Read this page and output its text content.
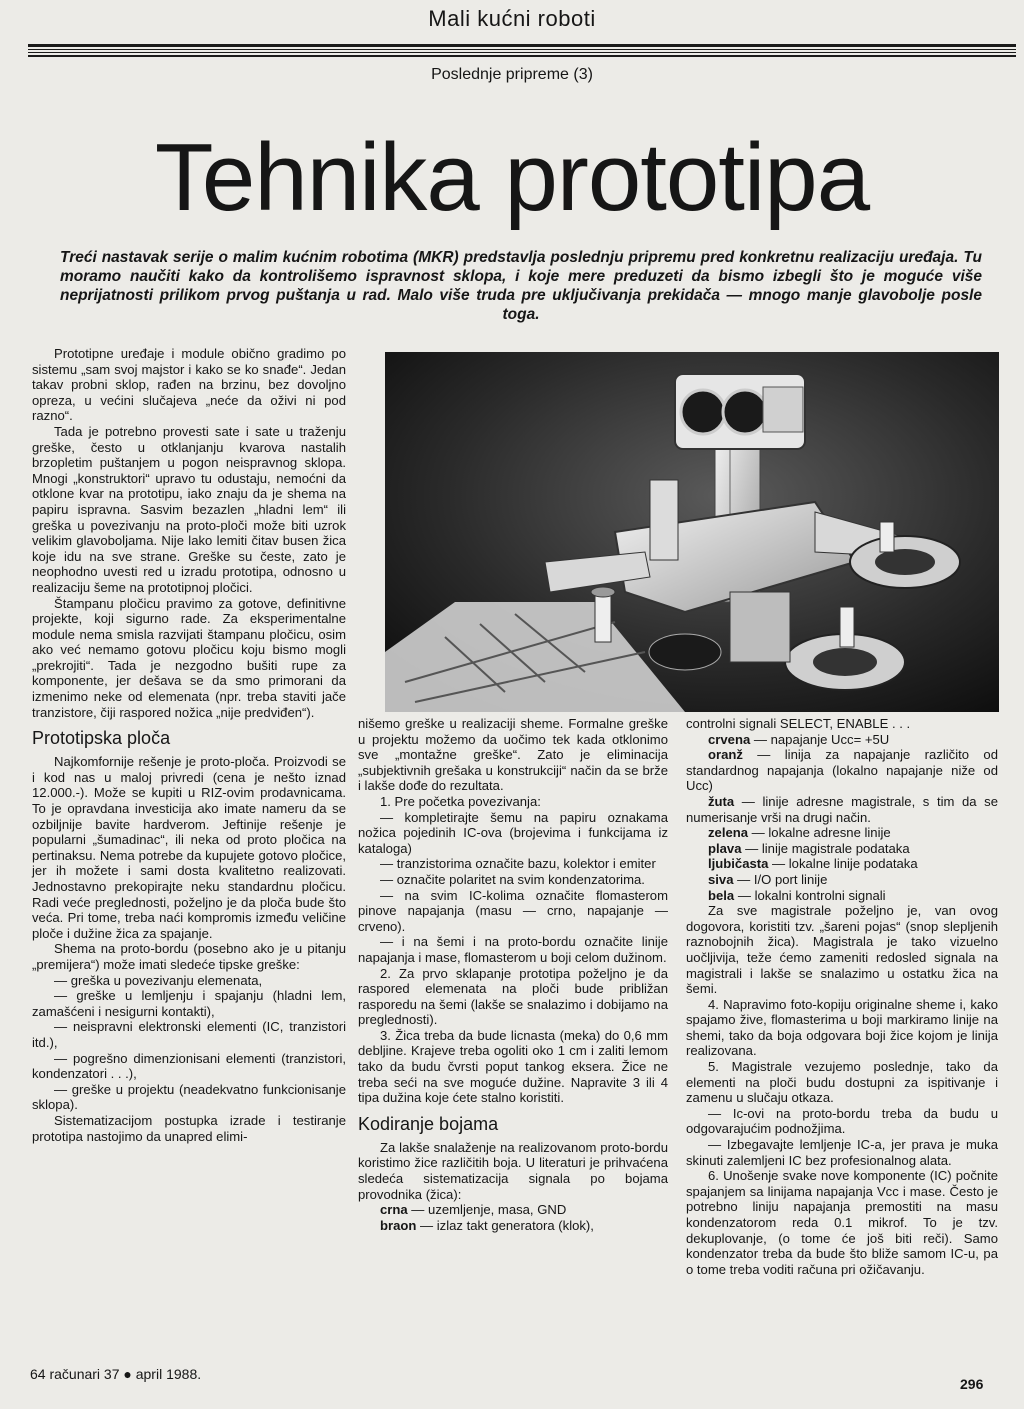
Mali kućni roboti
Poslednje pripreme (3)
Tehnika prototipa
Treći nastavak serije o malim kućnim robotima (MKR) predstavlja poslednju pripremu pred konkretnu realizaciju uređaja. Tu moramo naučiti kako da kontrolišemo ispravnost sklopa, i koje mere preduzeti da bismo izbegli što je moguće više neprijatnosti prilikom prvog puštanja u rad. Malo više truda pre uključivanja prekidača — mnogo manje glavobolje posle toga.

Prototipne uređaje i module obično gradimo po sistemu „sam svoj majstor i kako se ko snađe“. Jedan takav probni sklop, rađen na brzinu, bez dovoljno opreza, u većini slučajeva „neće da oživi ni pod razno“.

Tada je potrebno provesti sate i sate u traženju greške, često u otklanjanju kvarova nastalih brzopletim puštanjem u pogon neispravnog sklopa. Mnogi „konstruktori“ upravo tu odustaju, nemoćni da otklone kvar na prototipu, iako znaju da je shema na papiru ispravna. Sasvim bezazlen „hladni lem“ ili greška u povezivanju na proto-ploči može biti uzrok velikim glavoboljama. Nije lako lemiti čitav busen žica koje idu na sve strane. Greške su česte, zato je neophodno uvesti red u izradu prototipa, odnosno u realizaciju šeme na prototipnoj pločici.

Štampanu pločicu pravimo za gotove, definitivne projekte, koji sigurno rade. Za eksperimentalne module nema smisla razvijati štampanu pločicu, osim ako već nemamo gotovu pločicu koju bismo mogli „prekrojiti“. Tada je nezgodno bušiti rupe za komponente, jer dešava se da smo primorani da izmenimo neke od elemenata (npr. treba staviti jače tranzistore, čiji raspored nožica „nije predviđen“).

Prototipska ploča

Najkomfornije rešenje je proto-ploča. Proizvodi se i kod nas u maloj privredi (cena je nešto iznad 12.000.-). Može se kupiti u RIZ-ovim prodavnicama. To je opravdana investicija ako imate nameru da se ozbiljnije bavite hardverom. Jeftinije rešenje je popularni „šumadinac“, ili neka od proto pločica na pertinaksu. Nema potrebe da kupujete gotovo pločice, jer ih možete i sami dosta kvalitetno realizovati. Jednostavno prekopirajte neku standardnu pločicu. Radi veće preglednosti, poželjno je da ploča bude što veća. Pri tome, treba naći kompromis između veličine ploče i dužine žica za spajanje.

Shema na proto-bordu (posebno ako je u pitanju „premijera“) može imati sledeće tipske greške:

— greška u povezivanju elemenata,

— greške u lemljenju i spajanju (hladni lem, zamašćeni i nesigurni kontakti),

— neispravni elektronski elementi (IC, tranzistori itd.),

— pogrešno dimenzionisani elementi (tranzistori, kondenzatori . . .),

— greške u projektu (neadekvatno funkcionisanje sklopa).

Sistematizacijom postupka izrade i testiranje prototipa nastojimo da unapred elimi-

nišemo greške u realizaciji sheme. Formalne greške u projektu možemo da uočimo tek kada otklonimo sve „montažne greške“. Zato je eliminacija „subjektivnih grešaka u konstrukciji“ način da se brže i lakše dođe do rezultata.

1. Pre početka povezivanja:

— kompletirajte šemu na papiru oznakama nožica pojedinih IC-ova (brojevima i funkcijama iz kataloga)

— tranzistorima označite bazu, kolektor i emiter

— označite polaritet na svim kondenzatorima.

— na svim IC-kolima označite flomasterom pinove napajanja (masu — crno, napajanje — crveno).

— i na šemi i na proto-bordu označite linije napajanja i mase, flomasterom u boji celom dužinom.

2. Za prvo sklapanje prototipa poželjno je da raspored elemenata na ploči bude približan rasporedu na šemi (lakše se snalazimo i dobijamo na preglednosti).

3. Žica treba da bude licnasta (meka) do 0,6 mm debljine. Krajeve treba ogoliti oko 1 cm i zaliti lemom tako da budu čvrsti poput tankog eksera. Žice ne treba seći na sve moguće dužine. Napravite 3 ili 4 tipa dužina koje ćete stalno koristiti.

Kodiranje bojama

Za lakše snalaženje na realizovanom proto-bordu koristimo žice različitih boja. U literaturi je prihvaćena sledeća sistematizacija signala po bojama provodnika (žica):

crna — uzemljenje, masa, GND

braon — izlaz takt generatora (klok),

controlni signali SELECT, ENABLE . . .

crvena — napajanje Ucc= +5U

oranž — linija za napajanje različito od standardnog napajanja (lokalno napajanje niže od Ucc)

žuta — linije adresne magistrale, s tim da se numerisanje vrši na drugi način.

zelena — lokalne adresne linije

plava — linije magistrale podataka

ljubičasta — lokalne linije podataka

siva — I/O port linije

bela — lokalni kontrolni signali

Za sve magistrale poželjno je, van ovog dogovora, koristiti tzv. „šareni pojas“ (snop slepljenih raznobojnih žica). Magistrala je tako vizuelno uočljivija, teže ćemo zameniti redosled signala na magistrali i lakše se snalazimo u ostatku žica na šemi.

4. Napravimo foto-kopiju originalne sheme i, kako spajamo žive, flomasterima u boji markiramo linije na shemi, tako da boja odgovara boji žice kojom je linija realizovana.

5. Magistrale vezujemo poslednje, tako da elementi na ploči budu dostupni za ispitivanje i zamenu u slučaju otkaza.

— Ic-ovi na proto-bordu treba da budu u odgovarajućim podnožjima.

— Izbegavajte lemljenje IC-a, jer prava je muka skinuti zalemljeni IC bez profesionalnog alata.

6. Unošenje svake nove komponente (IC) počnite spajanjem sa linijama napajanja Vcc i mase. Često je potrebno liniju napajanja premostiti na masu kondenzatorom reda 0.1 mikrof. To je tzv. dekuplovanje, (o tome će još biti reči). Samo kondenzator treba da bude što bliže samom IC-u, pa o tome treba voditi računa pri ožičavanju.

64 računari 37 ● april 1988.
296
